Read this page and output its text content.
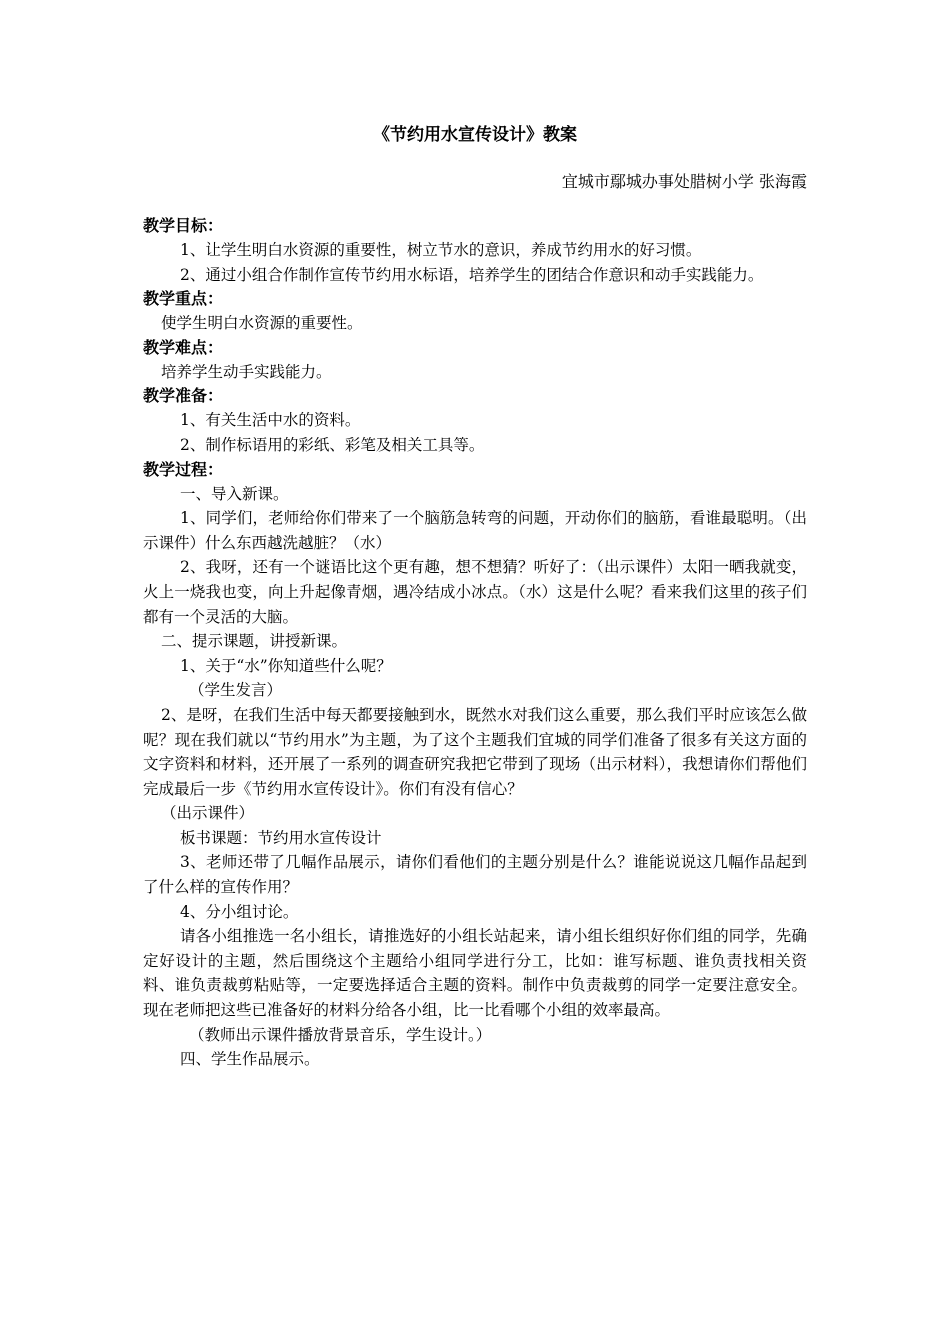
《节约用水宣传设计》教案

宜城市鄢城办事处腊树小学 张海霞

教学目标：

1、让学生明白水资源的重要性，树立节水的意识，养成节约用水的好习惯。

2、通过小组合作制作宣传节约用水标语，培养学生的团结合作意识和动手实践能力。

教学重点：

使学生明白水资源的重要性。

教学难点：

培养学生动手实践能力。

教学准备：

1、有关生活中水的资料。

2、制作标语用的彩纸、彩笔及相关工具等。

教学过程：

一、导入新课。

1、同学们，老师给你们带来了一个脑筋急转弯的问题，开动你们的脑筋，看谁最聪明。（出示课件）什么东西越洗越脏？（水）

2、我呀，还有一个谜语比这个更有趣，想不想猜？听好了：（出示课件）太阳一晒我就变，火上一烧我也变，向上升起像青烟，遇冷结成小冰点。（水）这是什么呢？看来我们这里的孩子们都有一个灵活的大脑。

二、提示课题，讲授新课。

1、关于“水”你知道些什么呢？

（学生发言）

2、是呀，在我们生活中每天都要接触到水，既然水对我们这么重要，那么我们平时应该怎么做呢？现在我们就以“节约用水”为主题，为了这个主题我们宜城的同学们准备了很多有关这方面的文字资料和材料，还开展了一系列的调查研究我把它带到了现场（出示材料），我想请你们帮他们完成最后一步《节约用水宣传设计》。你们有没有信心？

（出示课件）

板书课题：节约用水宣传设计

3、老师还带了几幅作品展示，请你们看他们的主题分别是什么？谁能说说这几幅作品起到了什么样的宣传作用？

4、分小组讨论。

请各小组推选一名小组长，请推选好的小组长站起来，请小组长组织好你们组的同学，先确定好设计的主题，然后围绕这个主题给小组同学进行分工，比如：谁写标题、谁负责找相关资料、谁负责裁剪粘贴等，一定要选择适合主题的资料。制作中负责裁剪的同学一定要注意安全。现在老师把这些已准备好的材料分给各小组，比一比看哪个小组的效率最高。

（教师出示课件播放背景音乐，学生设计。）

四、学生作品展示。
